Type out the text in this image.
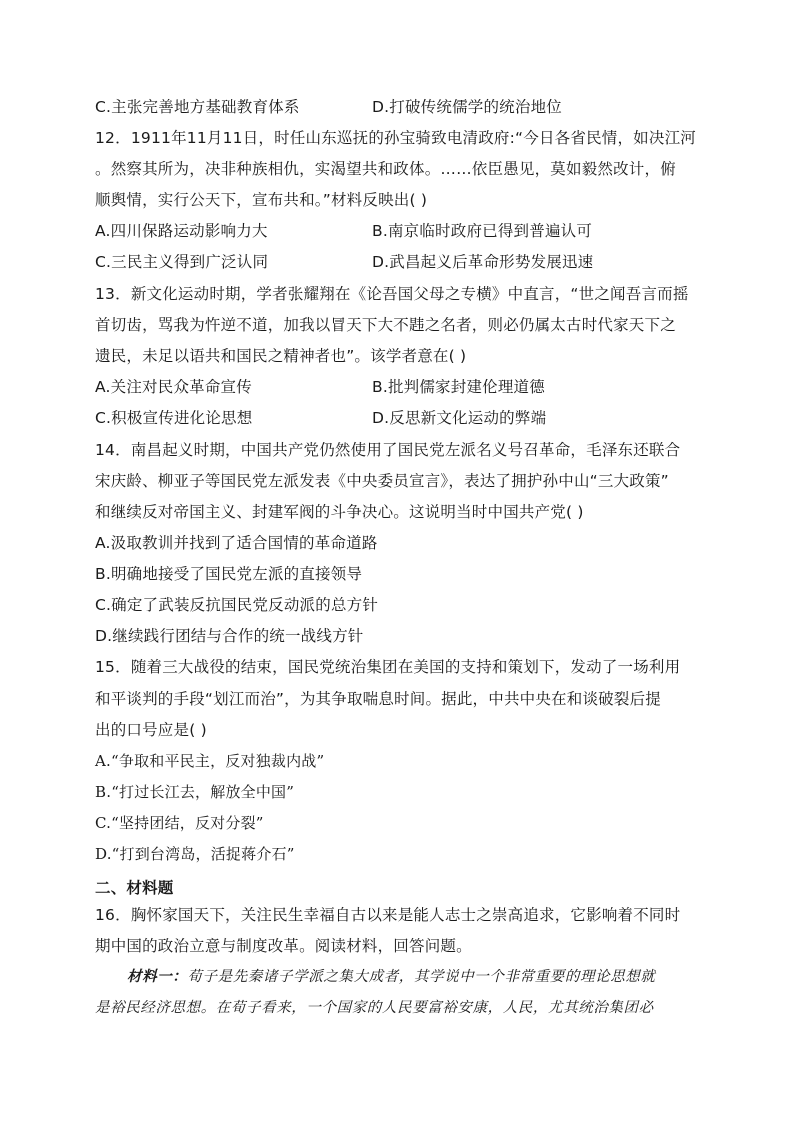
C.主张完善地方基础教育体系	D.打破传统儒学的统治地位
12．1911年11月11日，时任山东巡抚的孙宝骑致电清政府:“今日各省民情，如决江河
。然察其所为，决非种族相仇，实渴望共和政体。……依臣愚见，莫如毅然改计，俯
顺舆情，实行公天下，宣布共和。”材料反映出( )
A.四川保路运动影响力大	B.南京临时政府已得到普遍认可
C.三民主义得到广泛认同	D.武昌起义后革命形势发展迅速
13．新文化运动时期，学者张耀翔在《论吾国父母之专横》中直言，“世之闻吾言而摇
首切齿，骂我为忤逆不道，加我以冒天下大不韪之名者，则必仍属太古时代家天下之
遗民，未足以语共和国民之精神者也”。该学者意在( )
A.关注对民众革命宣传	B.批判儒家封建伦理道德
C.积极宣传进化论思想	D.反思新文化运动的弊端
14．南昌起义时期，中国共产党仍然使用了国民党左派名义号召革命，毛泽东还联合
宋庆龄、柳亚子等国民党左派发表《中央委员宣言》，表达了拥护孙中山“三大政策”
和继续反对帝国主义、封建军阀的斗争决心。这说明当时中国共产党( )
A.汲取教训并找到了适合国情的革命道路
B.明确地接受了国民党左派的直接领导
C.确定了武装反抗国民党反动派的总方针
D.继续践行团结与合作的统一战线方针
15．随着三大战役的结束，国民党统治集团在美国的支持和策划下，发动了一场利用
和平谈判的手段“划江而治”，为其争取喘息时间。据此，中共中央在和谈破裂后提
出的口号应是( )
A.“争取和平民主，反对独裁内战”
B.“打过长江去，解放全中国”
C.“坚持团结，反对分裂”
D.“打到台湾岛，活捉蒋介石”
二、材料题
16．胸怀家国天下，关注民生幸福自古以来是能人志士之崇高追求，它影响着不同时
期中国的政治立意与制度改革。阅读材料，回答问题。
材料一：荀子是先秦诸子学派之集大成者，其学说中一个非常重要的理论思想就
是裕民经济思想。在荀子看来，一个国家的人民要富裕安康，人民，尤其统治集团必
